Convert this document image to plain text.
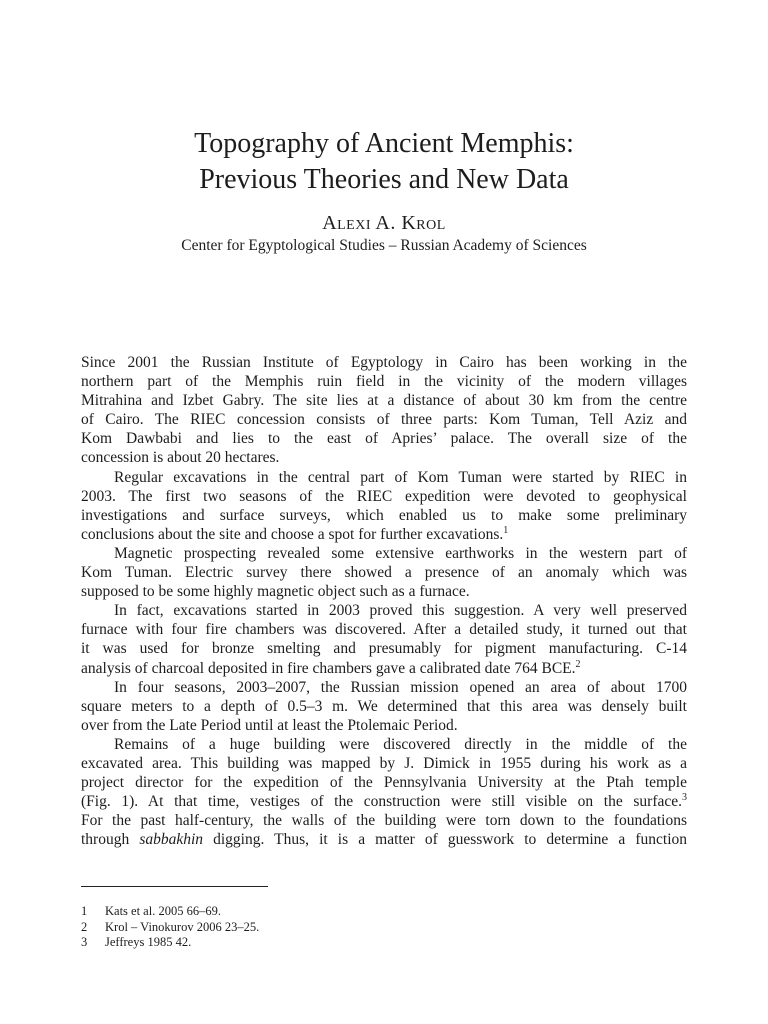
Topography of Ancient Memphis:
Previous Theories and New Data
Alexi A. Krol
Center for Egyptological Studies – Russian Academy of Sciences
Since 2001 the Russian Institute of Egyptology in Cairo has been working in the
northern part of the Memphis ruin field in the vicinity of the modern villages
Mitrahina and Izbet Gabry. The site lies at a distance of about 30 km from the centre
of Cairo. The RIEC concession consists of three parts: Kom Tuman, Tell Aziz and
Kom Dawbabi and lies to the east of Apries’ palace. The overall size of the
concession is about 20 hectares.
Regular excavations in the central part of Kom Tuman were started by RIEC in
2003. The first two seasons of the RIEC expedition were devoted to geophysical
investigations and surface surveys, which enabled us to make some preliminary
conclusions about the site and choose a spot for further excavations.$^1$
Magnetic prospecting revealed some extensive earthworks in the western part of
Kom Tuman. Electric survey there showed a presence of an anomaly which was
supposed to be some highly magnetic object such as a furnace.
In fact, excavations started in 2003 proved this suggestion. A very well preserved
furnace with four fire chambers was discovered. After a detailed study, it turned out that
it was used for bronze smelting and presumably for pigment manufacturing. C-14
analysis of charcoal deposited in fire chambers gave a calibrated date 764 BCE.$^2$
In four seasons, 2003–2007, the Russian mission opened an area of about 1700
square meters to a depth of 0.5–3 m. We determined that this area was densely built
over from the Late Period until at least the Ptolemaic Period.
Remains of a huge building were discovered directly in the middle of the
excavated area. This building was mapped by J. Dimick in 1955 during his work as a
project director for the expedition of the Pennsylvania University at the Ptah temple
(Fig. 1). At that time, vestiges of the construction were still visible on the surface.$^3$
For the past half-century, the walls of the building were torn down to the foundations
through sabbakhin digging. Thus, it is a matter of guesswork to determine a function
1 Kats et al. 2005 66–69.
2 Krol – Vinokurov 2006 23–25.
3 Jeffreys 1985 42.
